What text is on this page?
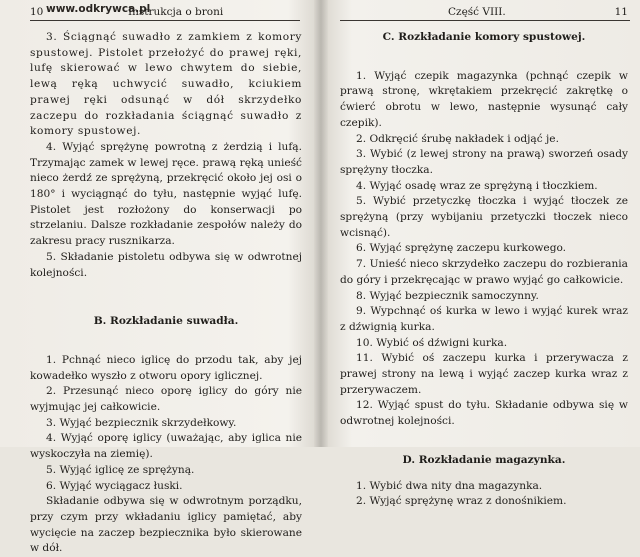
10 www.odkrywca.pl
Instrukcja o broni

3. Ściągnąć suwadło z zamkiem z komory spustowej. Pistolet przełożyć do prawej ręki, lufę skierować w lewo chwytem do siebie, lewą ręką uchwycić suwadło, kciukiem prawej ręki odsunąć w dół skrzydełko zaczepu do rozkładania ściągnąć suwadło z komory spustowej.

4. Wyjąć sprężynę powrotną z żerdzią i lufą. Trzymając zamek w lewej ręce. prawą ręką unieść nieco żerdź ze sprężyną, przekręcić około jej osi o 180° i wyciągnąć do tyłu, następnie wyjąć lufę. Pistolet jest rozłożony do konserwacji po strzelaniu. Dalsze rozkładanie zespołów należy do zakresu pracy rusznikarza.

5. Składanie pistoletu odbywa się w odwrotnej kolejności.

B. Rozkładanie suwadła.

1. Pchnąć nieco iglicę do przodu tak, aby jej kowadełko wyszło z otworu opory iglicznej.

2. Przesunąć nieco oporę iglicy do góry nie wyjmując jej całkowicie.

3. Wyjąć bezpiecznik skrzydełkowy.

4. Wyjąć oporę iglicy (uważając, aby iglica nie wyskoczyła na ziemię).

5. Wyjąć iglicę ze sprężyną.

6. Wyjąć wyciągacz łuski.

Składanie odbywa się w odwrotnym porządku, przy czym przy wkładaniu iglicy pamiętać, aby wycięcie na zaczep bezpiecznika było skierowane w dół.

Część VIII.	11

C. Rozkładanie komory spustowej.

1. Wyjąć czepik magazynka (pchnąć czepik w prawą stronę, wkrętakiem przekręcić zakrętkę o ćwierć obrotu w lewo, następnie wysunąć cały czepik).

2. Odkręcić śrubę nakładek i odjąć je.

3. Wybić (z lewej strony na prawą) sworzeń osady sprężyny tłoczka.

4. Wyjąć osadę wraz ze sprężyną i tłoczkiem.

5. Wybić przetyczkę tłoczka i wyjąć tłoczek ze sprężyną (przy wybijaniu przetyczki tłoczek nieco wcisnąć).

6. Wyjąć sprężynę zaczepu kurkowego.

7. Unieść nieco skrzydełko zaczepu do rozbierania do góry i przekręcając w prawo wyjąć go całkowicie.

8. Wyjąć bezpiecznik samoczynny.

9. Wypchnąć oś kurka w lewo i wyjąć kurek wraz z dźwignią kurka.

10. Wybić oś dźwigni kurka.

11. Wybić oś zaczepu kurka i przerywacza z prawej strony na lewą i wyjąć zaczep kurka wraz z przerywaczem.

12. Wyjąć spust do tyłu. Składanie odbywa się w odwrotnej kolejności.

D. Rozkładanie magazynka.

1. Wybić dwa nity dna magazynka.

2. Wyjąć sprężynę wraz z donośnikiem.
